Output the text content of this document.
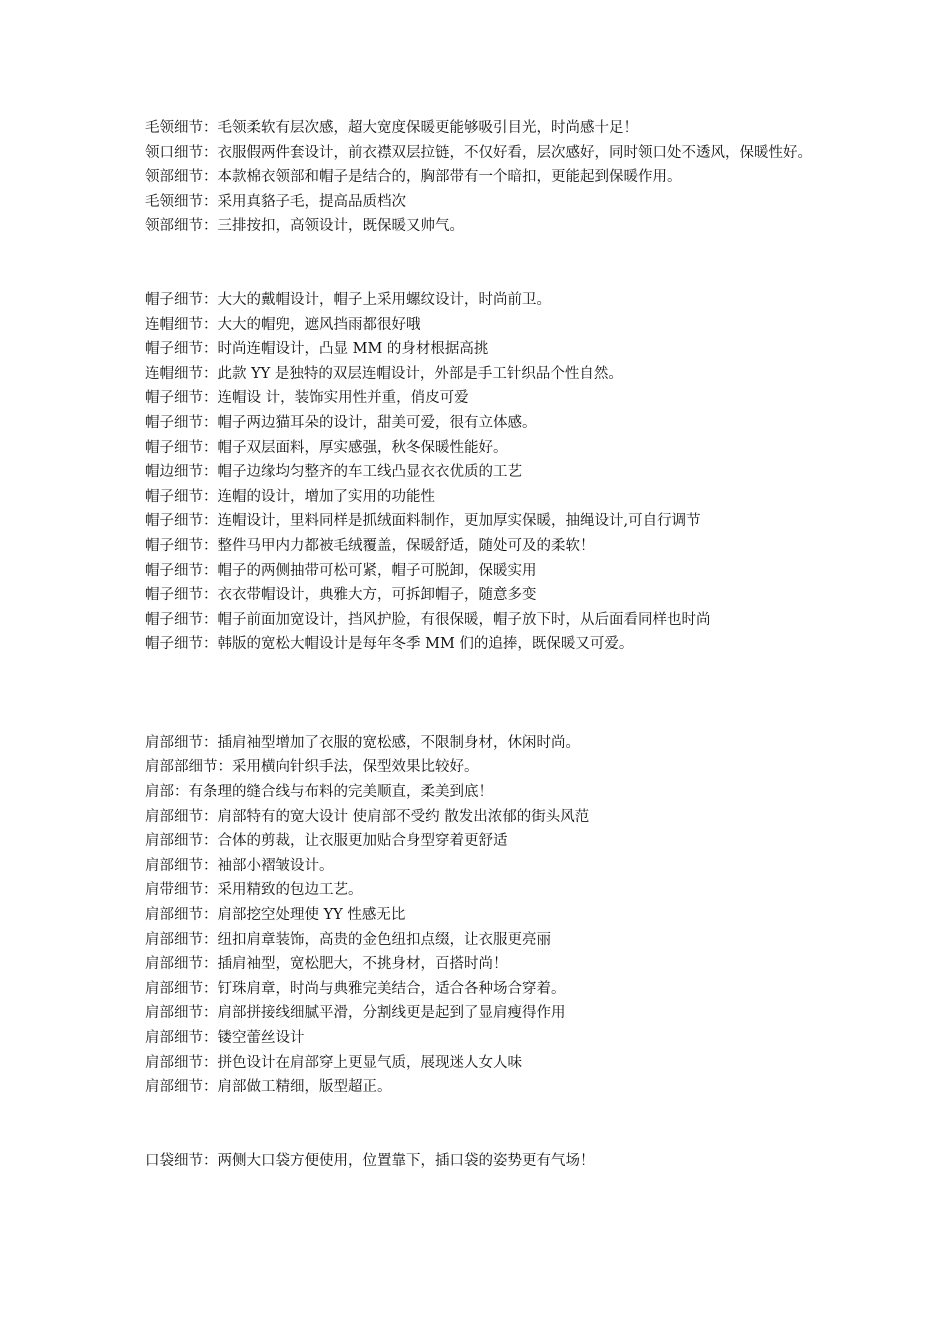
毛领细节：毛领柔软有层次感，超大宽度保暖更能够吸引目光，时尚感十足！
领口细节：衣服假两件套设计，前衣襟双层拉链，不仅好看，层次感好，同时领口处不透风，保暖性好。
领部细节：本款棉衣领部和帽子是结合的，胸部带有一个暗扣，更能起到保暖作用。
毛领细节：采用真貉子毛，提高品质档次
领部细节：三排按扣，高领设计，既保暖又帅气。
帽子细节：大大的戴帽设计，帽子上采用螺纹设计，时尚前卫。
连帽细节：大大的帽兜，遮风挡雨都很好哦
帽子细节：时尚连帽设计，凸显 MM 的身材根据高挑
连帽细节：此款 YY 是独特的双层连帽设计，外部是手工针织品个性自然。
帽子细节：连帽设 计，装饰实用性并重，俏皮可爱
帽子细节：帽子两边猫耳朵的设计，甜美可爱，很有立体感。
帽子细节：帽子双层面料，厚实感强，秋冬保暖性能好。
帽边细节：帽子边缘均匀整齐的车工线凸显衣衣优质的工艺
帽子细节：连帽的设计，增加了实用的功能性
帽子细节：连帽设计，里料同样是抓绒面料制作，更加厚实保暖，抽绳设计,可自行调节
帽子细节：整件马甲内力都被毛绒覆盖，保暖舒适，随处可及的柔软！
帽子细节：帽子的两侧抽带可松可紧，帽子可脱卸，保暖实用
帽子细节：衣衣带帽设计，典雅大方，可拆卸帽子，随意多变
帽子细节：帽子前面加宽设计，挡风护脸，有很保暖，帽子放下时，从后面看同样也时尚
帽子细节：韩版的宽松大帽设计是每年冬季 MM 们的追捧，既保暖又可爱。
肩部细节：插肩袖型增加了衣服的宽松感，不限制身材，休闲时尚。
肩部部细节：采用横向针织手法，保型效果比较好。
肩部：有条理的缝合线与布料的完美顺直，柔美到底！
肩部细节：肩部特有的宽大设计 使肩部不受约 散发出浓郁的街头风范
肩部细节：合体的剪裁，让衣服更加贴合身型穿着更舒适
肩部细节：袖部小褶皱设计。
肩带细节：采用精致的包边工艺。
肩部细节：肩部挖空处理使 YY 性感无比
肩部细节：纽扣肩章装饰，高贵的金色纽扣点缀，让衣服更亮丽
肩部细节：插肩袖型，宽松肥大，不挑身材，百搭时尚！
肩部细节：钉珠肩章，时尚与典雅完美结合，适合各种场合穿着。
肩部细节：肩部拼接线细腻平滑，分割线更是起到了显肩瘦得作用
肩部细节：镂空蕾丝设计
肩部细节：拼色设计在肩部穿上更显气质，展现迷人女人味
肩部细节：肩部做工精细，版型超正。
口袋细节：两侧大口袋方便使用，位置靠下，插口袋的姿势更有气场！
